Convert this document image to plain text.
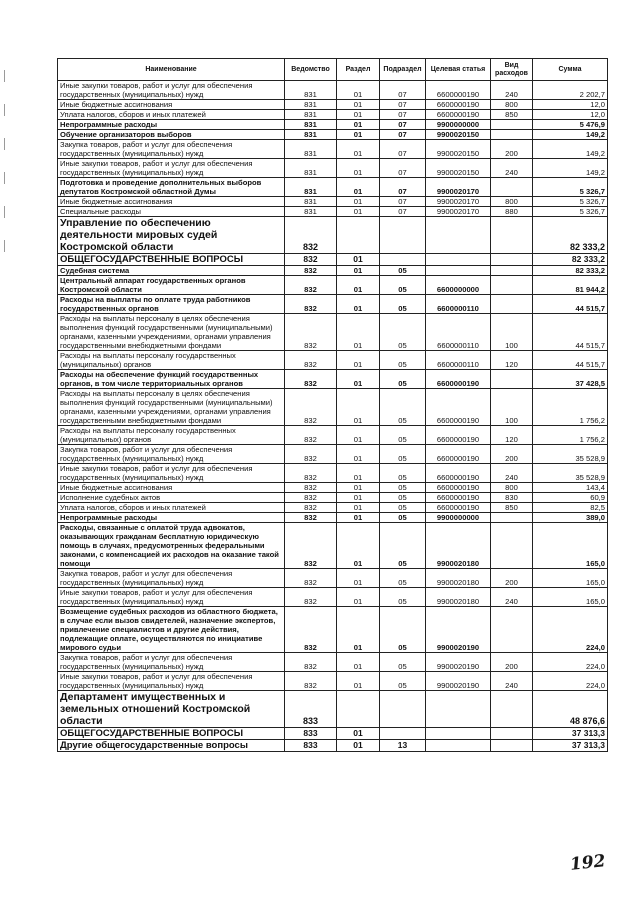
Наименование	Ведомство	Раздел	Подраздел	Целевая статья	Вид расходов	Сумма
Иные закупки товаров, работ и услуг для обеспечения государственных (муниципальных) нужд	831	01	07	6600000190	240	2 202,7
Иные бюджетные ассигнования	831	01	07	6600000190	800	12,0
Уплата налогов, сборов и иных платежей	831	01	07	6600000190	850	12,0
Непрограммные расходы	831	01	07	9900000000		5 476,9
Обучение организаторов выборов	831	01	07	9900020150		149,2
Закупка товаров, работ и услуг для обеспечения государственных (муниципальных) нужд	831	01	07	9900020150	200	149,2
Иные закупки товаров, работ и услуг для обеспечения государственных (муниципальных) нужд	831	01	07	9900020150	240	149,2
Подготовка и проведение дополнительных выборов депутатов Костромской областной Думы	831	01	07	9900020170		5 326,7
Иные бюджетные ассигнования	831	01	07	9900020170	800	5 326,7
Специальные расходы	831	01	07	9900020170	880	5 326,7
Управление по обеспечению деятельности мировых судей Костромской области	832					82 333,2
ОБЩЕГОСУДАРСТВЕННЫЕ ВОПРОСЫ	832	01				82 333,2
Судебная система	832	01	05			82 333,2
Центральный аппарат государственных органов Костромской области	832	01	05	6600000000		81 944,2
Расходы на выплаты по оплате труда работников государственных органов	832	01	05	6600000110		44 515,7
Расходы на выплаты персоналу в целях обеспечения выполнения функций государственными (муниципальными) органами, казенными учреждениями, органами управления государственными внебюджетными фондами	832	01	05	6600000110	100	44 515,7
Расходы на выплаты персоналу государственных (муниципальных) органов	832	01	05	6600000110	120	44 515,7
Расходы на обеспечение функций государственных органов, в том числе территориальных органов	832	01	05	6600000190		37 428,5
Расходы на выплаты персоналу в целях обеспечения выполнения функций государственными (муниципальными) органами, казенными учреждениями, органами управления государственными внебюджетными фондами	832	01	05	6600000190	100	1 756,2
Расходы на выплаты персоналу государственных (муниципальных) органов	832	01	05	6600000190	120	1 756,2
Закупка товаров, работ и услуг для обеспечения государственных (муниципальных) нужд	832	01	05	6600000190	200	35 528,9
Иные закупки товаров, работ и услуг для обеспечения государственных (муниципальных) нужд	832	01	05	6600000190	240	35 528,9
Иные бюджетные ассигнования	832	01	05	6600000190	800	143,4
Исполнение судебных актов	832	01	05	6600000190	830	60,9
Уплата налогов, сборов и иных платежей	832	01	05	6600000190	850	82,5
Непрограммные расходы	832	01	05	9900000000		389,0
Расходы, связанные с оплатой труда адвокатов, оказывающих гражданам бесплатную юридическую помощь в случаях, предусмотренных федеральными законами, с компенсацией их расходов на оказание такой помощи	832	01	05	9900020180		165,0
Закупка товаров, работ и услуг для обеспечения государственных (муниципальных) нужд	832	01	05	9900020180	200	165,0
Иные закупки товаров, работ и услуг для обеспечения государственных (муниципальных) нужд	832	01	05	9900020180	240	165,0
Возмещение судебных расходов из областного бюджета, в случае если вызов свидетелей, назначение экспертов, привлечение специалистов и другие действия, подлежащие оплате, осуществляются по инициативе мирового судьи	832	01	05	9900020190		224,0
Закупка товаров, работ и услуг для обеспечения государственных (муниципальных) нужд	832	01	05	9900020190	200	224,0
Иные закупки товаров, работ и услуг для обеспечения государственных (муниципальных) нужд	832	01	05	9900020190	240	224,0
Департамент имущественных и земельных отношений Костромской области	833					48 876,6
ОБЩЕГОСУДАРСТВЕННЫЕ ВОПРОСЫ	833	01				37 313,3
Другие общегосударственные вопросы	833	01	13			37 313,3
192
